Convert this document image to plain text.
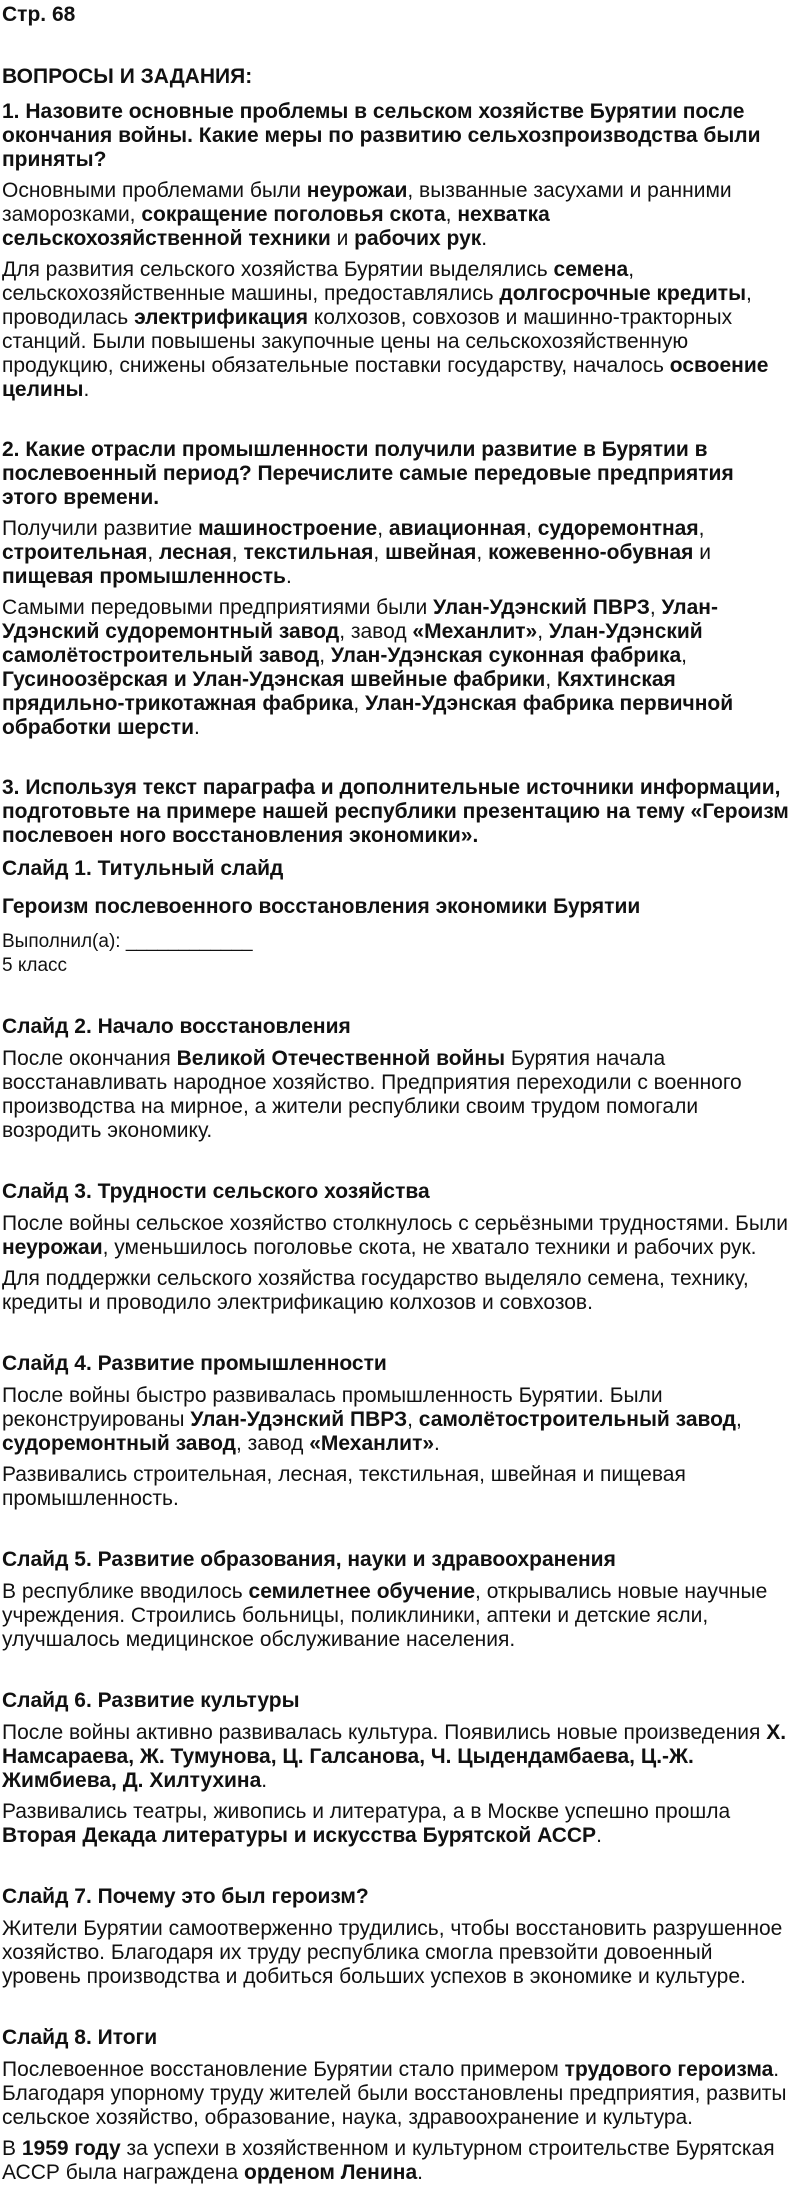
Стр. 68

ВОПРОСЫ И ЗАДАНИЯ:

1. Назовите основные проблемы в сельском хозяйстве Бурятии после окончания войны. Какие меры по развитию сельхозпроизводства были приняты?

Основными проблемами были неурожаи, вызванные засухами и ранними заморозками, сокращение поголовья скота, нехватка сельскохозяйственной техники и рабочих рук.

Для развития сельского хозяйства Бурятии выделялись семена, сельскохозяйственные машины, предоставлялись долгосрочные кредиты, проводилась электрификация колхозов, совхозов и машинно-тракторных станций. Были повышены закупочные цены на сельскохозяйственную продукцию, снижены обязательные поставки государству, началось освоение целины.

2. Какие отрасли промышленности получили развитие в Бурятии в послевоенный период? Перечислите самые передовые предприятия этого времени.

Получили развитие машиностроение, авиационная, судоремонтная, строительная, лесная, текстильная, швейная, кожевенно-обувная и пищевая промышленность.

Самыми передовыми предприятиями были Улан-Удэнский ПВРЗ, Улан-Удэнский судоремонтный завод, завод «Механлит», Улан-Удэнский самолётостроительный завод, Улан-Удэнская суконная фабрика, Гусиноозёрская и Улан-Удэнская швейные фабрики, Кяхтинская прядильно-трикотажная фабрика, Улан-Удэнская фабрика первичной обработки шерсти.

3. Используя текст параграфа и дополнительные источники информации, подготовьте на примере нашей республики презентацию на тему «Героизм послевоен ного восстановления экономики».

Слайд 1. Титульный слайд

Героизм послевоенного восстановления экономики Бурятии

Выполнил(а): ____________

5 класс

Слайд 2. Начало восстановления

После окончания Великой Отечественной войны Бурятия начала восстанавливать народное хозяйство. Предприятия переходили с военного производства на мирное, а жители республики своим трудом помогали возродить экономику.

Слайд 3. Трудности сельского хозяйства

После войны сельское хозяйство столкнулось с серьёзными трудностями. Были неурожаи, уменьшилось поголовье скота, не хватало техники и рабочих рук.

Для поддержки сельского хозяйства государство выделяло семена, технику, кредиты и проводило электрификацию колхозов и совхозов.

Слайд 4. Развитие промышленности

После войны быстро развивалась промышленность Бурятии. Были реконструированы Улан-Удэнский ПВРЗ, самолётостроительный завод, судоремонтный завод, завод «Механлит».

Развивались строительная, лесная, текстильная, швейная и пищевая промышленность.

Слайд 5. Развитие образования, науки и здравоохранения

В республике вводилось семилетнее обучение, открывались новые научные учреждения. Строились больницы, поликлиники, аптеки и детские ясли, улучшалось медицинское обслуживание населения.

Слайд 6. Развитие культуры

После войны активно развивалась культура. Появились новые произведения Х. Намсараева, Ж. Тумунова, Ц. Галсанова, Ч. Цыдендамбаева, Ц.-Ж. Жимбиева, Д. Хилтухина.

Развивались театры, живопись и литература, а в Москве успешно прошла Вторая Декада литературы и искусства Бурятской АССР.

Слайд 7. Почему это был героизм?

Жители Бурятии самоотверженно трудились, чтобы восстановить разрушенное хозяйство. Благодаря их труду республика смогла превзойти довоенный уровень производства и добиться больших успехов в экономике и культуре.

Слайд 8. Итоги

Послевоенное восстановление Бурятии стало примером трудового героизма. Благодаря упорному труду жителей были восстановлены предприятия, развиты сельское хозяйство, образование, наука, здравоохранение и культура.

В 1959 году за успехи в хозяйственном и культурном строительстве Бурятская АССР была награждена орденом Ленина.
